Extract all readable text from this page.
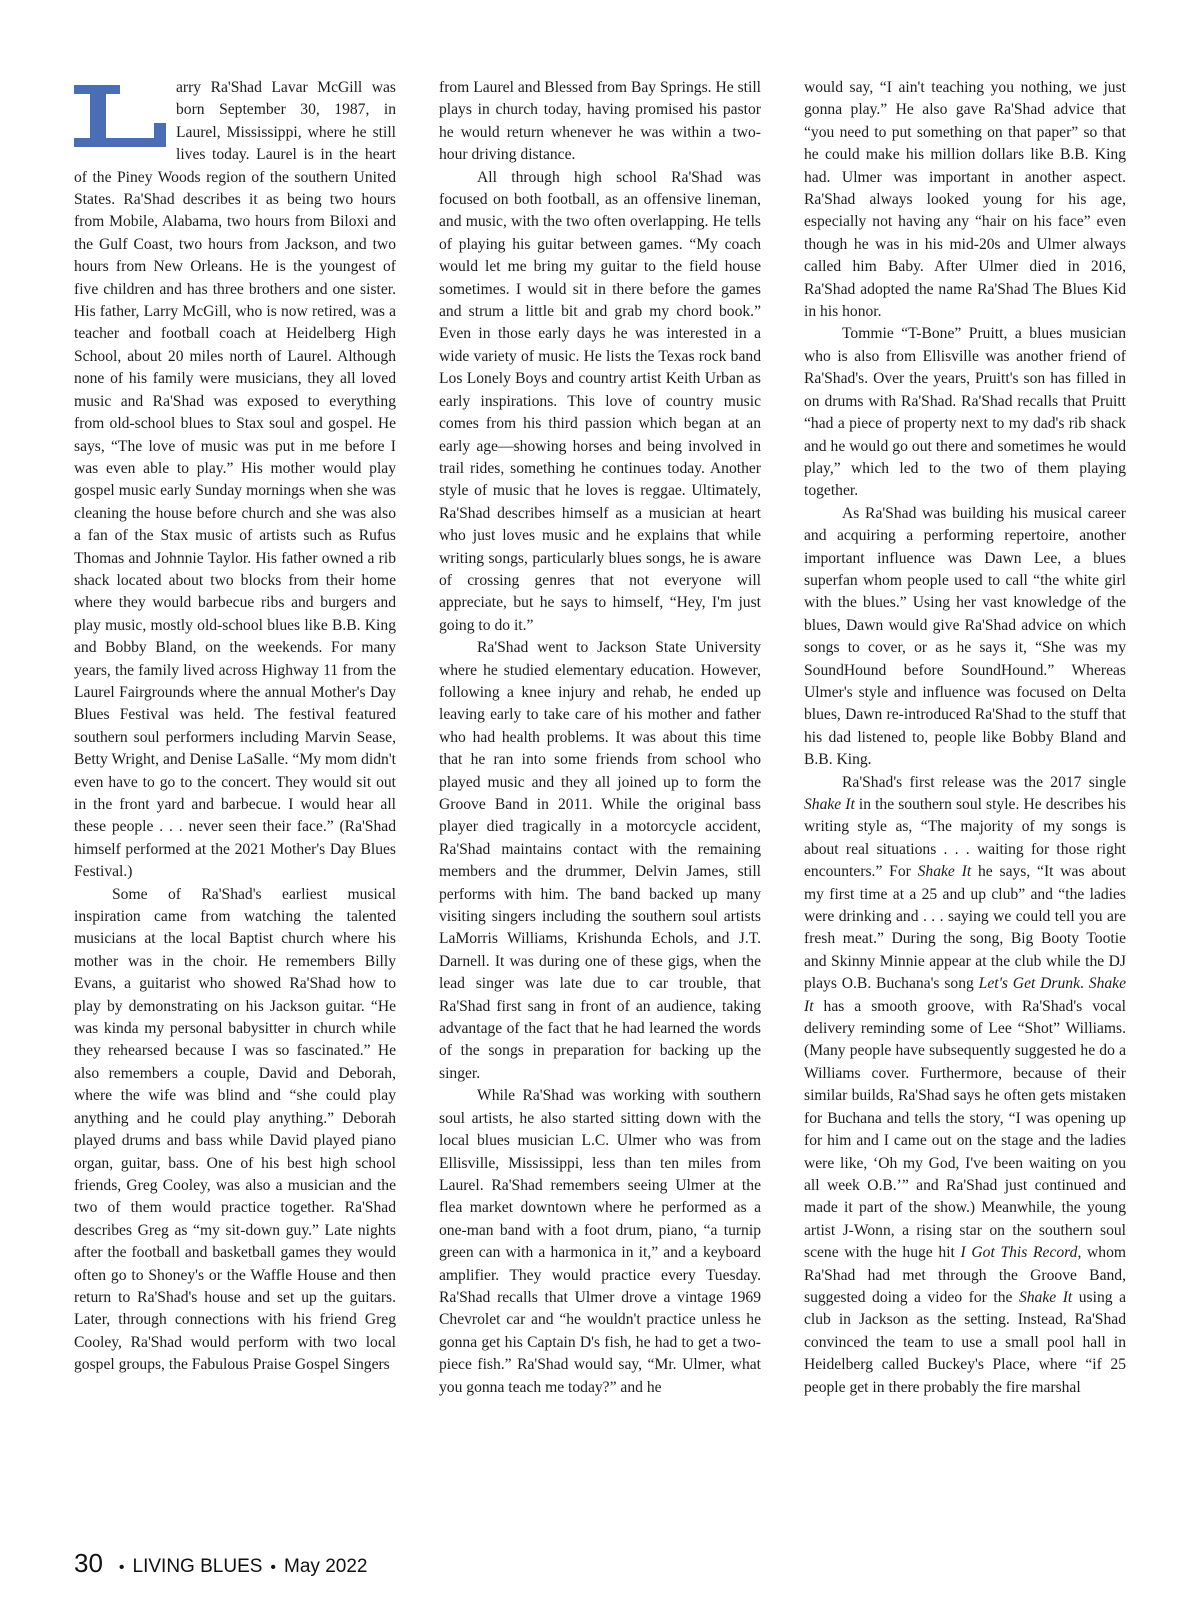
arry Ra'Shad Lavar McGill was born September 30, 1987, in Laurel, Mississippi, where he still lives today. Laurel is in the heart of the Piney Woods region of the southern United States. Ra'Shad describes it as being two hours from Mobile, Alabama, two hours from Biloxi and the Gulf Coast, two hours from Jackson, and two hours from New Orleans. He is the youngest of five children and has three brothers and one sister. His father, Larry McGill, who is now retired, was a teacher and football coach at Heidelberg High School, about 20 miles north of Laurel. Although none of his family were musicians, they all loved music and Ra'Shad was exposed to everything from old-school blues to Stax soul and gospel. He says, “The love of music was put in me before I was even able to play.” His mother would play gospel music early Sunday mornings when she was cleaning the house before church and she was also a fan of the Stax music of artists such as Rufus Thomas and Johnnie Taylor. His father owned a rib shack located about two blocks from their home where they would barbecue ribs and burgers and play music, mostly old-school blues like B.B. King and Bobby Bland, on the weekends. For many years, the family lived across Highway 11 from the Laurel Fairgrounds where the annual Mother's Day Blues Festival was held. The festival featured southern soul performers including Marvin Sease, Betty Wright, and Denise LaSalle. “My mom didn't even have to go to the concert. They would sit out in the front yard and barbecue. I would hear all these people . . . never seen their face.” (Ra'Shad himself performed at the 2021 Mother's Day Blues Festival.)

Some of Ra'Shad's earliest musical inspiration came from watching the talented musicians at the local Baptist church where his mother was in the choir. He remembers Billy Evans, a guitarist who showed Ra'Shad how to play by demonstrating on his Jackson guitar. “He was kinda my personal babysitter in church while they rehearsed because I was so fascinated.” He also remembers a couple, David and Deborah, where the wife was blind and “she could play anything and he could play anything.” Deborah played drums and bass while David played piano organ, guitar, bass. One of his best high school friends, Greg Cooley, was also a musician and the two of them would practice together. Ra'Shad describes Greg as “my sit-down guy.” Late nights after the football and basketball games they would often go to Shoney's or the Waffle House and then return to Ra'Shad's house and set up the guitars. Later, through connections with his friend Greg Cooley, Ra'Shad would perform with two local gospel groups, the Fabulous Praise Gospel Singers

from Laurel and Blessed from Bay Springs. He still plays in church today, having promised his pastor he would return whenever he was within a two-hour driving distance.

All through high school Ra'Shad was focused on both football, as an offensive lineman, and music, with the two often overlapping. He tells of playing his guitar between games. “My coach would let me bring my guitar to the field house sometimes. I would sit in there before the games and strum a little bit and grab my chord book.” Even in those early days he was interested in a wide variety of music. He lists the Texas rock band Los Lonely Boys and country artist Keith Urban as early inspirations. This love of country music comes from his third passion which began at an early age—showing horses and being involved in trail rides, something he continues today. Another style of music that he loves is reggae. Ultimately, Ra'Shad describes himself as a musician at heart who just loves music and he explains that while writing songs, particularly blues songs, he is aware of crossing genres that not everyone will appreciate, but he says to himself, “Hey, I'm just going to do it.”

Ra'Shad went to Jackson State University where he studied elementary education. However, following a knee injury and rehab, he ended up leaving early to take care of his mother and father who had health problems. It was about this time that he ran into some friends from school who played music and they all joined up to form the Groove Band in 2011. While the original bass player died tragically in a motorcycle accident, Ra'Shad maintains contact with the remaining members and the drummer, Delvin James, still performs with him. The band backed up many visiting singers including the southern soul artists LaMorris Williams, Krishunda Echols, and J.T. Darnell. It was during one of these gigs, when the lead singer was late due to car trouble, that Ra'Shad first sang in front of an audience, taking advantage of the fact that he had learned the words of the songs in preparation for backing up the singer.

While Ra'Shad was working with southern soul artists, he also started sitting down with the local blues musician L.C. Ulmer who was from Ellisville, Mississippi, less than ten miles from Laurel. Ra'Shad remembers seeing Ulmer at the flea market downtown where he performed as a one-man band with a foot drum, piano, “a turnip green can with a harmonica in it,” and a keyboard amplifier. They would practice every Tuesday. Ra'Shad recalls that Ulmer drove a vintage 1969 Chevrolet car and “he wouldn't practice unless he gonna get his Captain D's fish, he had to get a two-piece fish.” Ra'Shad would say, “Mr. Ulmer, what you gonna teach me today?” and he

would say, “I ain't teaching you nothing, we just gonna play.” He also gave Ra'Shad advice that “you need to put something on that paper” so that he could make his million dollars like B.B. King had. Ulmer was important in another aspect. Ra'Shad always looked young for his age, especially not having any “hair on his face” even though he was in his mid-20s and Ulmer always called him Baby. After Ulmer died in 2016, Ra'Shad adopted the name Ra'Shad The Blues Kid in his honor.

Tommie “T-Bone” Pruitt, a blues musician who is also from Ellisville was another friend of Ra'Shad's. Over the years, Pruitt's son has filled in on drums with Ra'Shad. Ra'Shad recalls that Pruitt “had a piece of property next to my dad's rib shack and he would go out there and sometimes he would play,” which led to the two of them playing together.

As Ra'Shad was building his musical career and acquiring a performing repertoire, another important influence was Dawn Lee, a blues superfan whom people used to call “the white girl with the blues.” Using her vast knowledge of the blues, Dawn would give Ra'Shad advice on which songs to cover, or as he says it, “She was my SoundHound before SoundHound.” Whereas Ulmer's style and influence was focused on Delta blues, Dawn re-introduced Ra'Shad to the stuff that his dad listened to, people like Bobby Bland and B.B. King.

Ra'Shad's first release was the 2017 single Shake It in the southern soul style. He describes his writing style as, “The majority of my songs is about real situations . . . waiting for those right encounters.” For Shake It he says, “It was about my first time at a 25 and up club” and “the ladies were drinking and . . . saying we could tell you are fresh meat.” During the song, Big Booty Tootie and Skinny Minnie appear at the club while the DJ plays O.B. Buchana's song Let's Get Drunk. Shake It has a smooth groove, with Ra'Shad's vocal delivery reminding some of Lee “Shot” Williams. (Many people have subsequently suggested he do a Williams cover. Furthermore, because of their similar builds, Ra'Shad says he often gets mistaken for Buchana and tells the story, “I was opening up for him and I came out on the stage and the ladies were like, ‘Oh my God, I've been waiting on you all week O.B.’” and Ra'Shad just continued and made it part of the show.) Meanwhile, the young artist J-Wonn, a rising star on the southern soul scene with the huge hit I Got This Record, whom Ra'Shad had met through the Groove Band, suggested doing a video for the Shake It using a club in Jackson as the setting. Instead, Ra'Shad convinced the team to use a small pool hall in Heidelberg called Buckey's Place, where “if 25 people get in there probably the fire marshal

30 • LIVING BLUES • May 2022
